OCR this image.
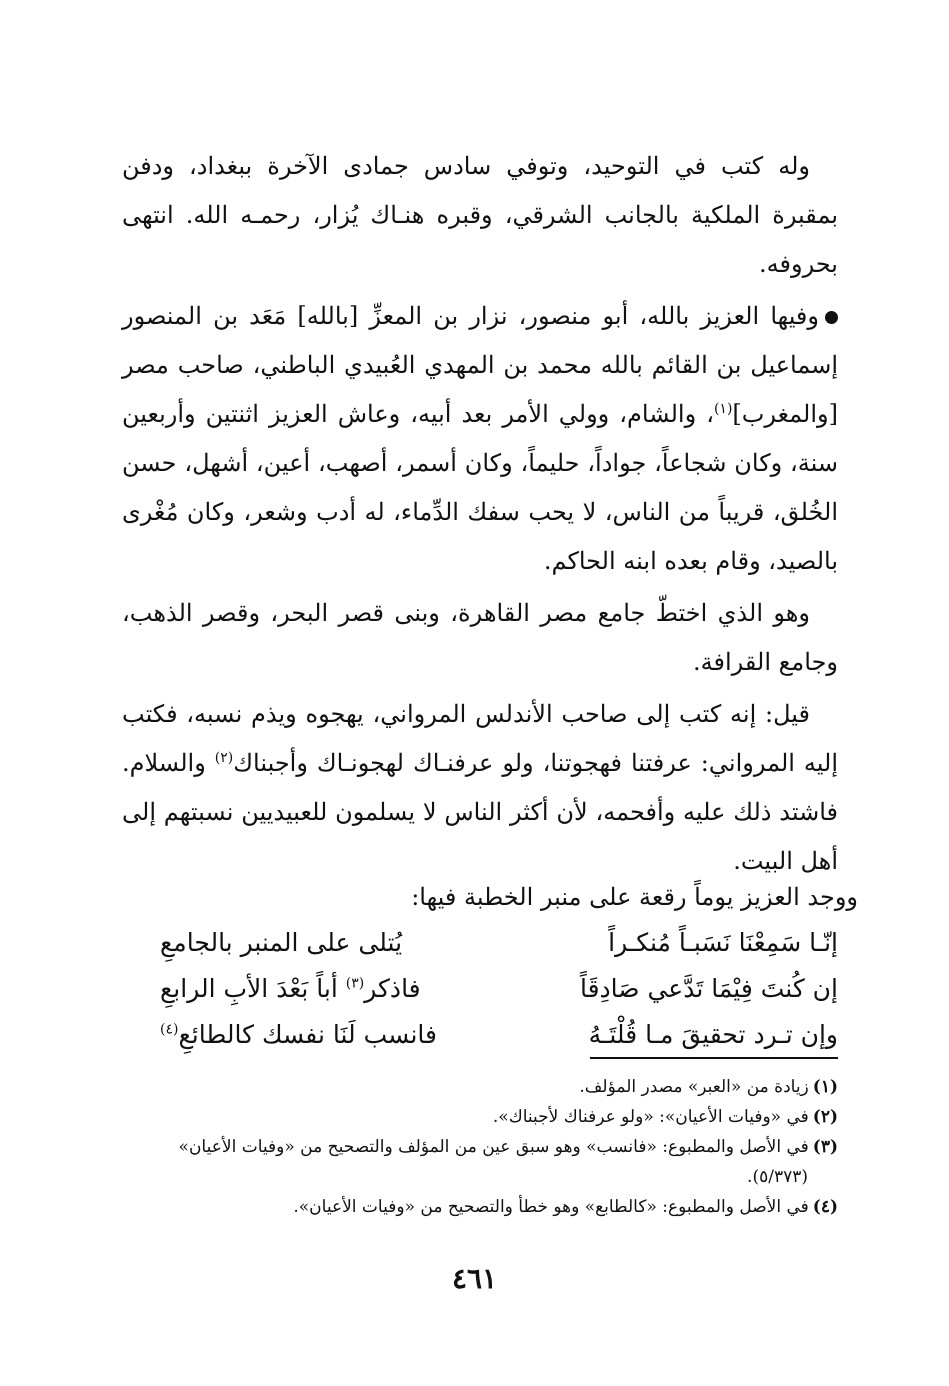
وله كتب في التوحيد، وتوفي سادس جمادى الآخرة ببغداد، ودفن بمقبرة الملكية بالجانب الشرقي، وقبره هنـاك يُزار، رحمـه الله. انتهى بحروفه.

وفيها العزيز بالله، أبو منصور، نزار بن المعزِّ [بالله] مَعَد بن المنصور إسماعيل بن القائم بالله محمد بن المهدي العُبيدي الباطني، صاحب مصر [والمغرب]$^{(١)}$، والشام، وولي الأمر بعد أبيه، وعاش العزيز اثنتين وأربعين سنة، وكان شجاعاً، جواداً، حليماً، وكان أسمر، أصهب، أعين، أشهل، حسن الخُلق، قريباً من الناس، لا يحب سفك الدِّماء، له أدب وشعر، وكان مُغْرى بالصيد، وقام بعده ابنه الحاكم.

وهو الذي اختطّ جامع مصر القاهرة، وبنى قصر البحر، وقصر الذهب، وجامع القرافة.

قيل: إنه كتب إلى صاحب الأندلس المرواني، يهجوه ويذم نسبه، فكتب إليه المرواني: عرفتنا فهجوتنا، ولو عرفنـاك لهجونـاك وأجبناك$^{(٢)}$ والسلام. فاشتد ذلك عليه وأفحمه، لأن أكثر الناس لا يسلمون للعبيديين نسبتهم إلى أهل البيت.

ووجد العزيز يوماً رقعة على منبر الخطبة فيها:
إنّـا سَمِعْنَا نَسَبـاً مُنكـراً
يُتلى على المنبر بالجامعِ
إن كُنتَ فِيْمَا تَدَّعي صَادِقَاً
فاذكر$^{(٣)}$ أباً بَعْدَ الأبِ الرابعِ
وإن تـرد تحقيقَ مـا قُلْتَـهُ
فانسب لَنَا نفسك كالطائعِ$^{(٤)}$

(١)زيادة من «العبر» مصدر المؤلف.

(٢)في «وفيات الأعيان»: «ولو عرفناك لأجبناك».

(٣)في الأصل والمطبوع: «فانسب» وهو سبق عين من المؤلف والتصحيح من «وفيات الأعيان»

(٥/٣٧٣).

(٤)في الأصل والمطبوع: «كالطابع» وهو خطأ والتصحيح من «وفيات الأعيان».

٤٦١
